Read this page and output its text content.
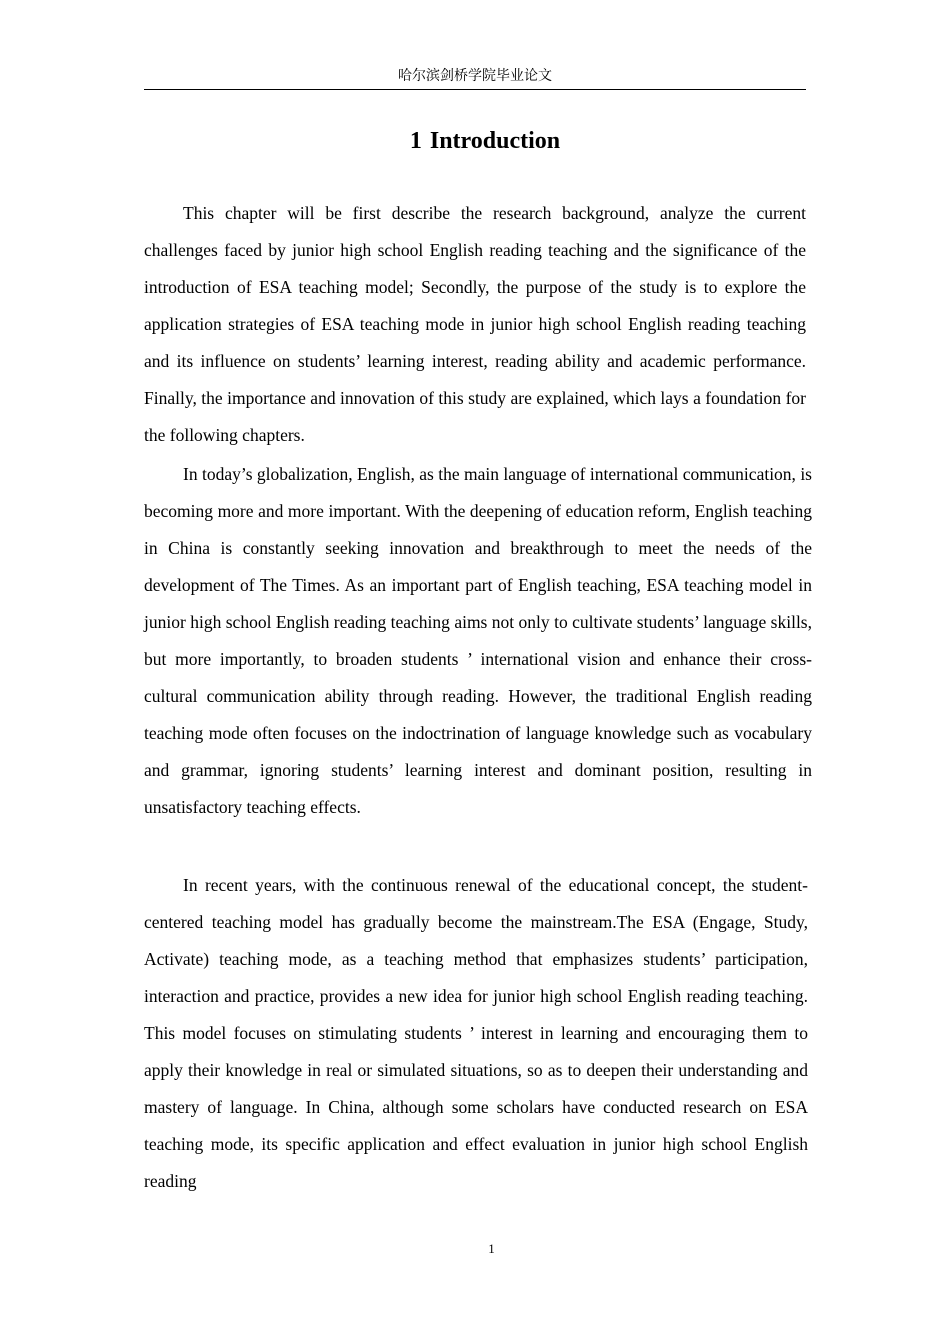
哈尔滨剑桥学院毕业论文
1 Introduction

This chapter will be first describe the research background, analyze the current challenges faced by junior high school English reading teaching and the significance of the introduction of ESA teaching model; Secondly, the purpose of the study is to explore the application strategies of ESA teaching mode in junior high school English reading teaching and its influence on students’ learning interest, reading ability and academic performance. Finally, the importance and innovation of this study are explained, which lays a foundation for the following chapters.

In today’s globalization, English, as the main language of international communication, is becoming more and more important. With the deepening of education reform, English teaching in China is constantly seeking innovation and breakthrough to meet the needs of the development of The Times. As an important part of English teaching, ESA teaching model in junior high school English reading teaching aims not only to cultivate students’ language skills, but more importantly, to broaden students ’ international vision and enhance their cross-cultural communication ability through reading. However, the traditional English reading teaching mode often focuses on the indoctrination of language knowledge such as vocabulary and grammar, ignoring students’ learning interest and dominant position, resulting in unsatisfactory teaching effects.

In recent years, with the continuous renewal of the educational concept, the student-centered teaching model has gradually become the mainstream.The ESA (Engage, Study, Activate) teaching mode, as a teaching method that emphasizes students’ participation, interaction and practice, provides a new idea for junior high school English reading teaching. This model focuses on stimulating students ’ interest in learning and encouraging them to apply their knowledge in real or simulated situations, so as to deepen their understanding and mastery of language. In China, although some scholars have conducted research on ESA teaching mode, its specific application and effect evaluation in junior high school English reading

1
